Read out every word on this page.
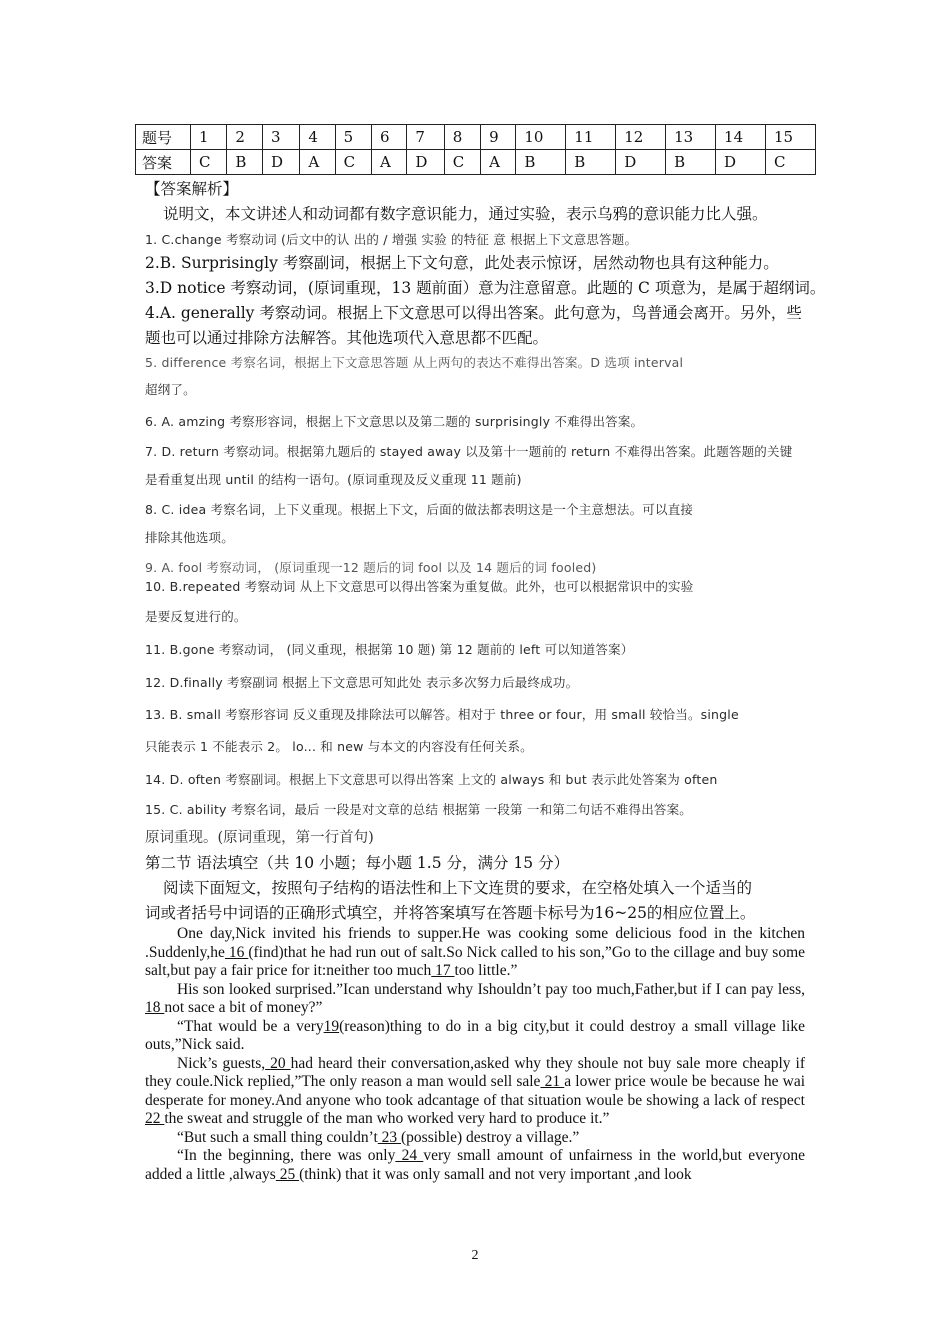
题号	1	2	3	4	5	6	7	8	9	10	11	12	13	14	15
答案	C	B	D	A	C	A	D	C	A	B	B	D	B	D	C
【答案解析】
说明文，本文讲述人和动词都有数字意识能力，通过实验，表示乌鸦的意识能力比人强。
1. C.change 考察动词 (后文中的认 出的 / 增强 实验 的特征 意 根据上下文意思答题。
2.B. Surprisingly 考察副词，根据上下文句意，此处表示惊讶，居然动物也具有这种能力。
3.D notice 考察动词，(原词重现，13 题前面）意为注意留意。此题的 C 项意为，是属于超纲词。
4.A. generally 考察动词。根据上下文意思可以得出答案。此句意为，鸟普通会离开。另外，些
题也可以通过排除方法解答。其他选项代入意思都不匹配。
5. difference 考察名词，根据上下文意思答题 从上两句的表达不难得出答案。D 选项 interval
超纲了。
6. A. amzing 考察形容词，根据上下文意思以及第二题的 surprisingly 不难得出答案。
7. D. return 考察动词。根据第九题后的 stayed away 以及第十一题前的 return 不难得出答案。此题答题的关键
是看重复出现 until 的结构一语句。(原词重现及反义重现 11 题前)
8. C. idea 考察名词，上下义重现。根据上下文，后面的做法都表明这是一个主意想法。可以直接
排除其他选项。
9. A. fool 考察动词， (原词重现一12 题后的词 fool 以及 14 题后的词 fooled)
10. B.repeated 考察动词 从上下文意思可以得出答案为重复做。此外，也可以根据常识中的实验
是要反复进行的。
11. B.gone 考察动词， (同义重现，根据第 10 题) 第 12 题前的 left 可以知道答案）
12. D.finally 考察副词 根据上下文意思可知此处 表示多次努力后最终成功。
13. B. small 考察形容词 反义重现及排除法可以解答。相对于 three or four，用 small 较恰当。single
只能表示 1 不能表示 2。 lo... 和 new 与本文的内容没有任何关系。
14. D. often 考察副词。根据上下文意思可以得出答案 上文的 always 和 but 表示此处答案为 often
15. C. ability 考察名词，最后 一段是对文章的总结 根据第 一段第 一和第二句话不难得出答案。
原词重现。(原词重现，第一行首句)
第二节 语法填空（共 10 小题；每小题 1.5 分，满分 15 分）
阅读下面短文，按照句子结构的语法性和上下文连贯的要求，在空格处填入一个适当的
词或者括号中词语的正确形式填空，并将答案填写在答题卡标号为16~25的相应位置上。

One day,Nick invited his friends to supper.He was cooking some delicious food in the kitchen .Suddenly,he 16 (find)that he had run out of salt.So Nick called to his son,”Go to the cillage and buy some salt,but pay a fair price for it:neither too much 17 too little.”

His son looked surprised.”Ican understand why Ishouldn’t pay too much,Father,but if I can pay less, 18 not sace a bit of money?”

“That would be a very19(reason)thing to do in a big city,but it could destroy a small village like outs,”Nick said.

Nick’s guests, 20 had heard their conversation,asked why they shoule not buy sale more cheaply if they coule.Nick replied,”The only reason a man would sell sale 21 a lower price woule be because he wai desperate for money.And anyone who took adcantage of that situation woule be showing a lack of respect 22 the sweat and struggle of the man who worked very hard to produce it.”

“But such a small thing couldn’t 23 (possible) destroy a village.”

“In the beginning, there was only 24 very small amount of unfairness in the world,but everyone added a little ,always 25 (think) that it was only samall and not very important ,and look

2
